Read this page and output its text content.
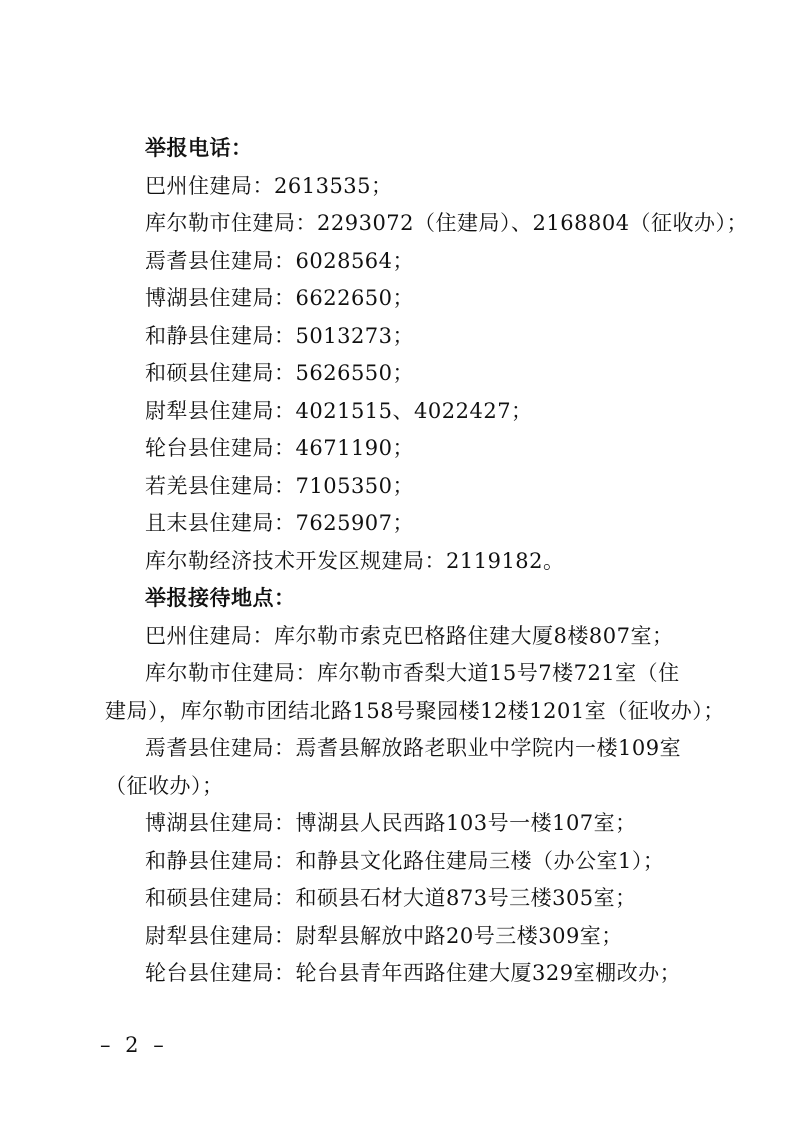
举报电话：
巴州住建局：2613535；
库尔勒市住建局：2293072（住建局）、2168804（征收办）；
焉耆县住建局：6028564；
博湖县住建局：6622650；
和静县住建局：5013273；
和硕县住建局：5626550；
尉犁县住建局：4021515、4022427；
轮台县住建局：4671190；
若羌县住建局：7105350；
且末县住建局：7625907；
库尔勒经济技术开发区规建局：2119182。
举报接待地点：
巴州住建局：库尔勒市索克巴格路住建大厦8楼807室；
库尔勒市住建局：库尔勒市香梨大道15号7楼721室（住
建局），库尔勒市团结北路158号聚园楼12楼1201室（征收办）；
焉耆县住建局：焉耆县解放路老职业中学院内一楼109室
（征收办）；
博湖县住建局：博湖县人民西路103号一楼107室；
和静县住建局：和静县文化路住建局三楼（办公室1）；
和硕县住建局：和硕县石材大道873号三楼305室；
尉犁县住建局：尉犁县解放中路20号三楼309室；
轮台县住建局：轮台县青年西路住建大厦329室棚改办；
– 2 –
